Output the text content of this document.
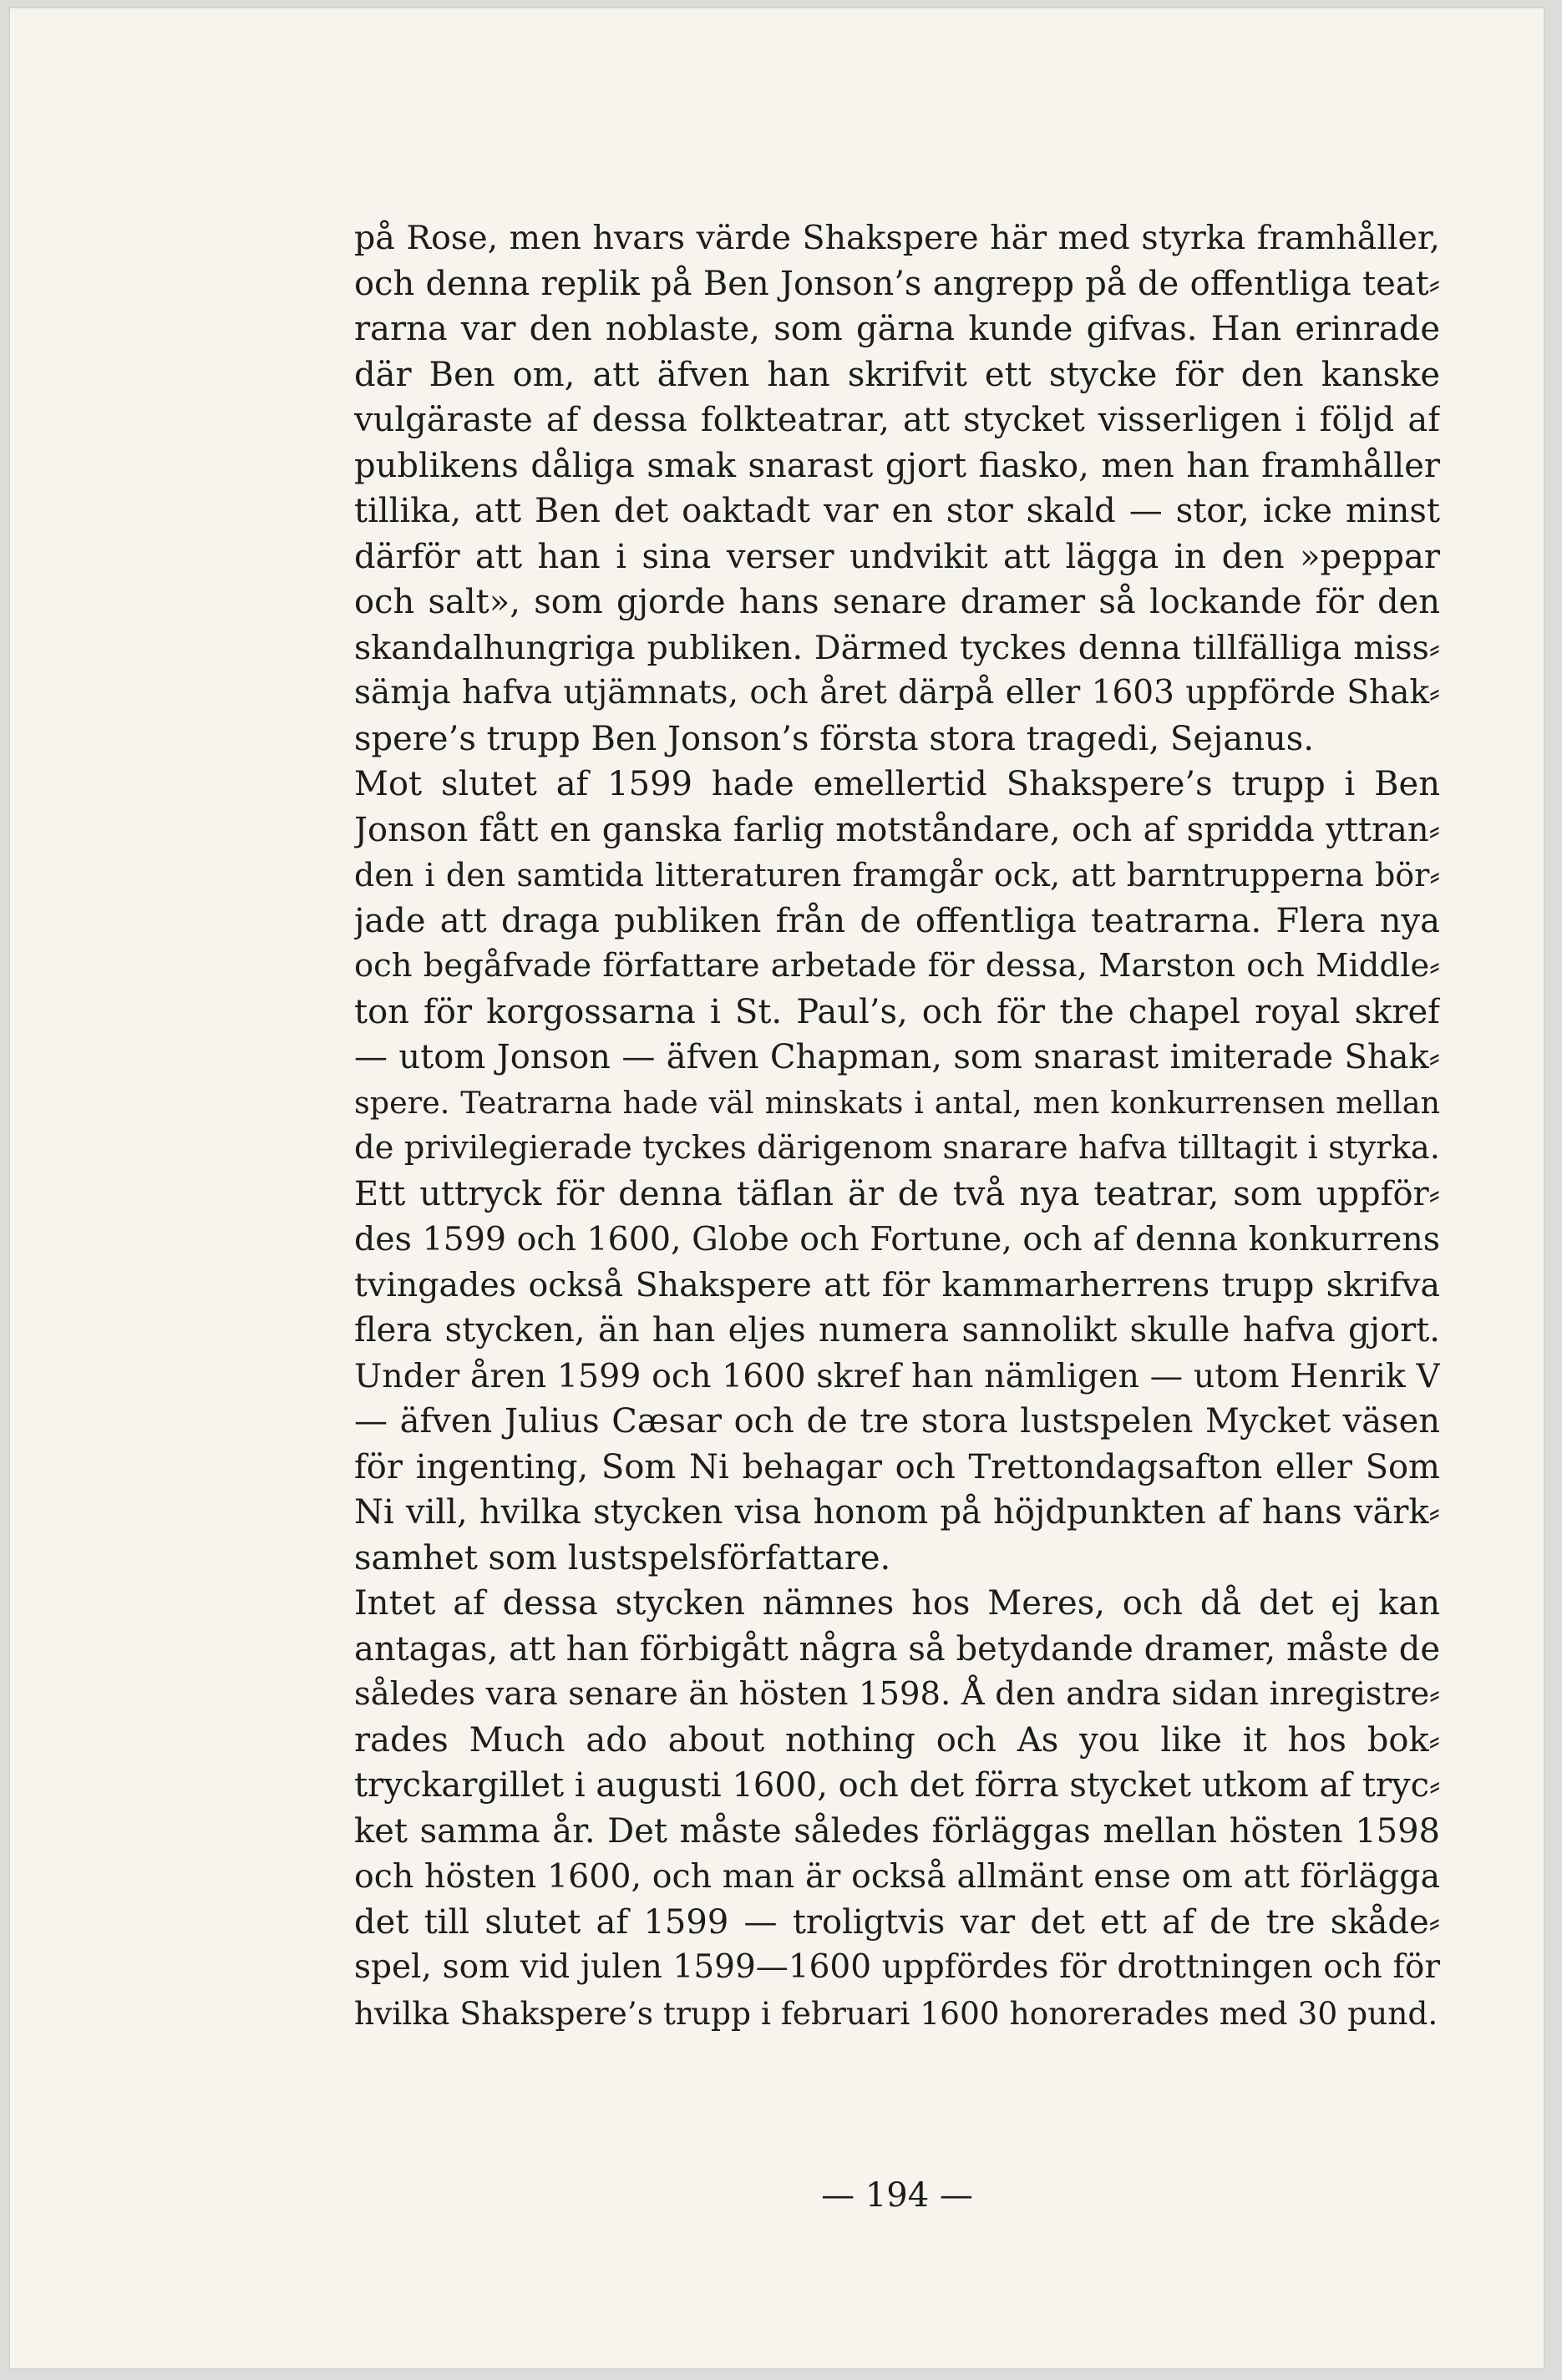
på Rose, men hvars värde Shakspere här med styrka framhåller,
och denna replik på Ben Jonson’s angrepp på de offentliga teat⸗
rarna var den noblaste, som gärna kunde gifvas. Han erinrade
där Ben om, att äfven han skrifvit ett stycke för den kanske
vulgäraste af dessa folkteatrar, att stycket visserligen i följd af
publikens dåliga smak snarast gjort fiasko, men han framhåller
tillika, att Ben det oaktadt var en stor skald — stor, icke minst
därför att han i sina verser undvikit att lägga in den »peppar
och salt», som gjorde hans senare dramer så lockande för den
skandalhungriga publiken. Därmed tyckes denna tillfälliga miss⸗
sämja hafva utjämnats, och året därpå eller 1603 uppförde Shak⸗
spere’s trupp Ben Jonson’s första stora tragedi, Sejanus.
Mot slutet af 1599 hade emellertid Shakspere’s trupp i Ben
Jonson fått en ganska farlig motståndare, och af spridda yttran⸗
den i den samtida litteraturen framgår ock, att barntrupperna bör⸗
jade att draga publiken från de offentliga teatrarna. Flera nya
och begåfvade författare arbetade för dessa, Marston och Middle⸗
ton för korgossarna i St. Paul’s, och för the chapel royal skref
— utom Jonson — äfven Chapman, som snarast imiterade Shak⸗
spere. Teatrarna hade väl minskats i antal, men konkurrensen mellan
de privilegierade tyckes därigenom snarare hafva tilltagit i styrka.
Ett uttryck för denna täflan är de två nya teatrar, som uppför⸗
des 1599 och 1600, Globe och Fortune, och af denna konkurrens
tvingades också Shakspere att för kammarherrens trupp skrifva
flera stycken, än han eljes numera sannolikt skulle hafva gjort.
Under åren 1599 och 1600 skref han nämligen — utom Henrik V
— äfven Julius Cæsar och de tre stora lustspelen Mycket väsen
för ingenting, Som Ni behagar och Trettondagsafton eller Som
Ni vill, hvilka stycken visa honom på höjdpunkten af hans värk⸗
samhet som lustspelsförfattare.
Intet af dessa stycken nämnes hos Meres, och då det ej kan
antagas, att han förbigått några så betydande dramer, måste de
således vara senare än hösten 1598. Å den andra sidan inregistre⸗
rades Much ado about nothing och As you like it hos bok⸗
tryckargillet i augusti 1600, och det förra stycket utkom af tryc⸗
ket samma år. Det måste således förläggas mellan hösten 1598
och hösten 1600, och man är också allmänt ense om att förlägga
det till slutet af 1599 — troligtvis var det ett af de tre skåde⸗
spel, som vid julen 1599—1600 uppfördes för drottningen och för
hvilka Shakspere’s trupp i februari 1600 honorerades med 30 pund.
— 194 —
